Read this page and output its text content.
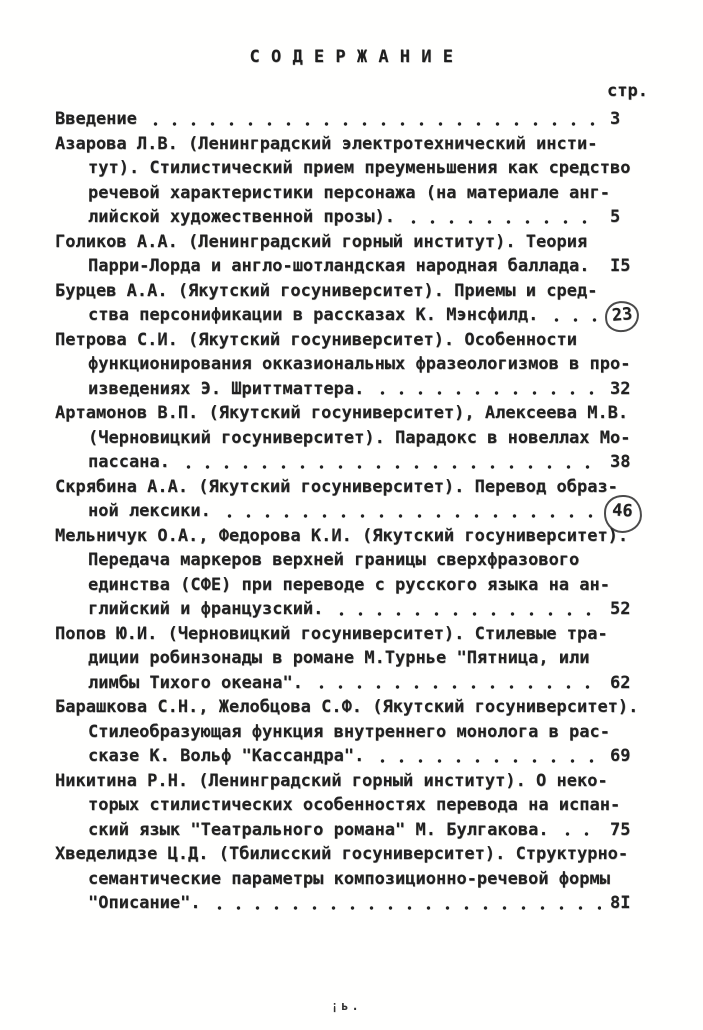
С О Д Е Р Ж А Н И Е
стр.
Введение	3
Азарова Л.В. (Ленинградский электротехнический инсти-
тут). Стилистический прием преуменьшения как средство
речевой характеристики персонажа (на материале анг-
лийской художественной прозы).	5
Голиков А.А. (Ленинградский горный институт). Теория
Парри-Лорда и англо-шотландская народная баллада. I5
Бурцев А.А. (Якутский госуниверситет). Приемы и сред-
ства персонификации в рассказах К. Мэнсфилд.	23
Петрова С.И. (Якутский госуниверситет). Особенности
функционирования окказиональных фразеологизмов в про-
изведениях Э. Шриттматтера.	32
Артамонов В.П. (Якутский госуниверситет), Алексеева М.В.
(Черновицкий госуниверситет). Парадокс в новеллах Мо-
пассана.	38
Скрябина А.А. (Якутский госуниверситет). Перевод образ-
ной лексики.	46
Мельничук О.А., Федорова К.И. (Якутский госуниверситет).
Передача маркеров верхней границы сверхфразового
единства (СФЕ) при переводе с русского языка на ан-
глийский и французский.	52
Попов Ю.И. (Черновицкий госуниверситет). Стилевые тра-
диции робинзонады в романе М.Турнье "Пятница, или
лимбы Тихого океана".	62
Барашкова С.Н., Желобцова С.Ф. (Якутский госуниверситет).
Стилеобразующая функция внутреннего монолога в рас-
сказе К. Вольф "Кассандра".	69
Никитина Р.Н. (Ленинградский горный институт). О неко-
торых стилистических особенностях перевода на испан-
ский язык "Театрального романа" М. Булгакова.	75
Хведелидзе Ц.Д. (Тбилисский госуниверситет). Структурно-
семантические параметры композиционно-речевой формы
"Описание".	8I
¡ь.
